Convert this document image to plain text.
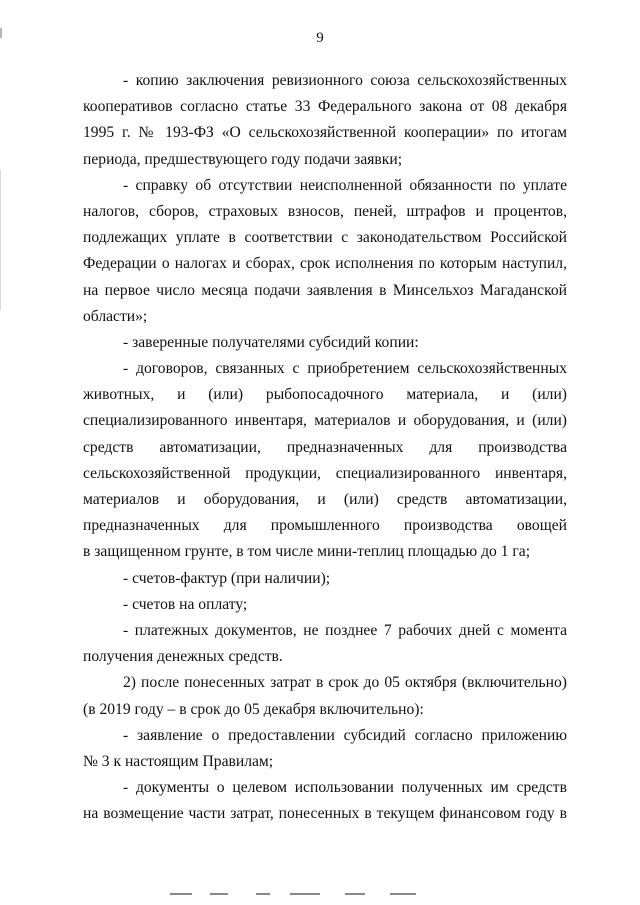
9
- копию заключения ревизионного союза сельскохозяйственных
кооперативов согласно статье 33 Федерального закона от 08 декабря
1995 г. № 193-ФЗ «О сельскохозяйственной кооперации» по итогам
периода, предшествующего году подачи заявки;
- справку об отсутствии неисполненной обязанности по уплате
налогов, сборов, страховых взносов, пеней, штрафов и процентов,
подлежащих уплате в соответствии с законодательством Российской
Федерации о налогах и сборах, срок исполнения по которым наступил,
на первое число месяца подачи заявления в Минсельхоз Магаданской
области»;
- заверенные получателями субсидий копии:
- договоров, связанных с приобретением сельскохозяйственных
животных, и (или) рыбопосадочного материала, и (или)
специализированного инвентаря, материалов и оборудования, и (или)
средств автоматизации, предназначенных для производства
сельскохозяйственной продукции, специализированного инвентаря,
материалов и оборудования, и (или) средств автоматизации,
предназначенных для промышленного производства овощей
в защищенном грунте, в том числе мини-теплиц площадью до 1 га;
- счетов-фактур (при наличии);
- счетов на оплату;
- платежных документов, не позднее 7 рабочих дней с момента
получения денежных средств.
2) после понесенных затрат в срок до 05 октября (включительно)
(в 2019 году – в срок до 05 декабря включительно):
- заявление о предоставлении субсидий согласно приложению
№ 3 к настоящим Правилам;
- документы о целевом использовании полученных им средств
на возмещение части затрат, понесенных в текущем финансовом году в
